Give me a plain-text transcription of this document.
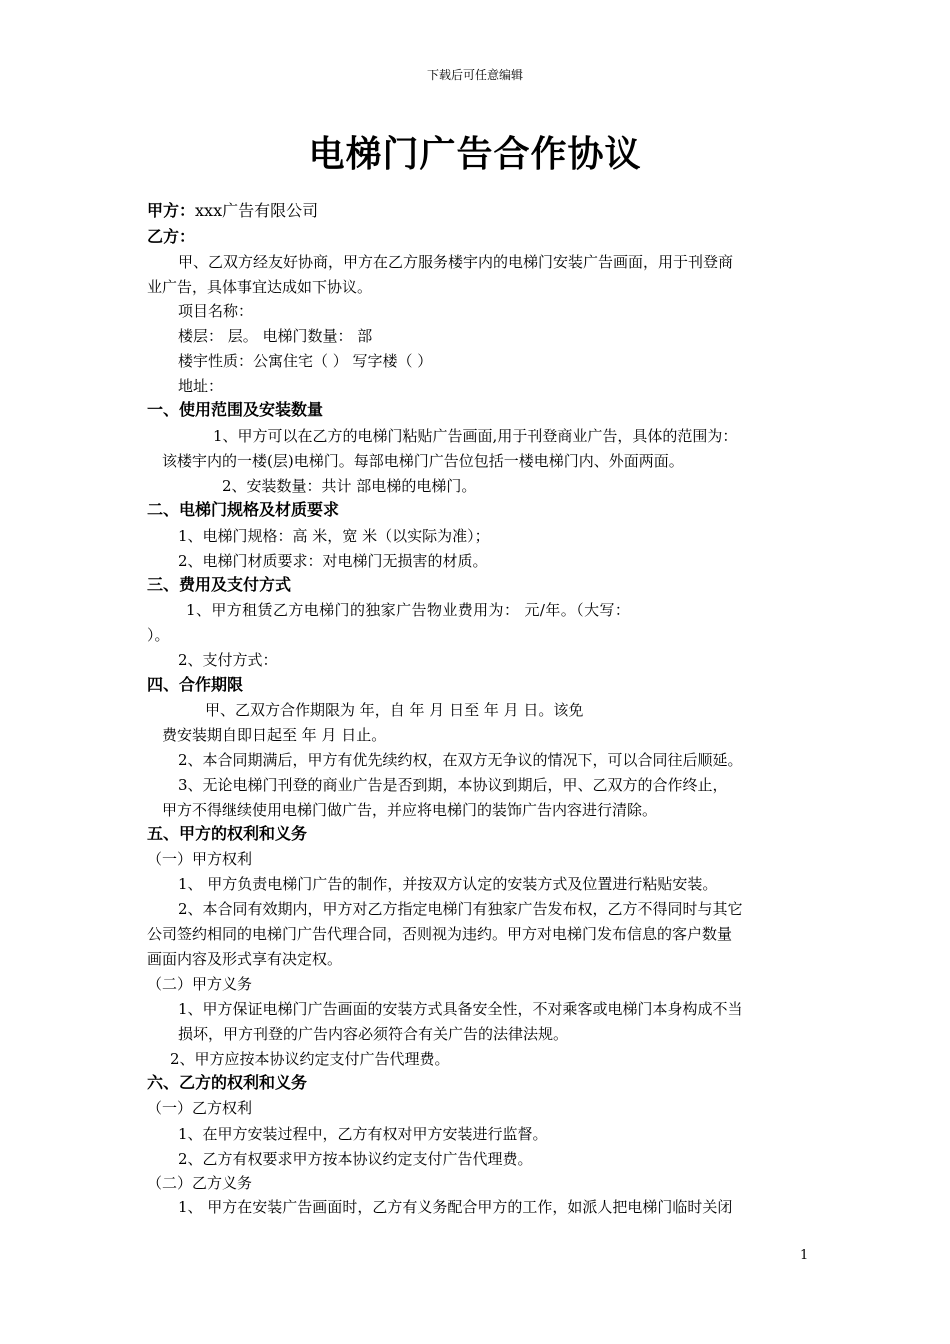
下载后可任意编辑
电梯门广告合作协议
甲方：xxx广告有限公司
乙方：
甲、乙双方经友好协商，甲方在乙方服务楼宇内的电梯门安装广告画面，用于刊登商
业广告，具体事宜达成如下协议。
项目名称：
楼层： 层。 电梯门数量： 部
楼宇性质：公寓住宅（ ） 写字楼（ ）
地址：
一、使用范围及安装数量
1、甲方可以在乙方的电梯门粘贴广告画面,用于刊登商业广告，具体的范围为：
该楼宇内的一楼(层)电梯门。每部电梯门广告位包括一楼电梯门内、外面两面。
2、安装数量：共计 部电梯的电梯门。
二、电梯门规格及材质要求
1、电梯门规格：高 米，宽 米（以实际为准）；
2、电梯门材质要求：对电梯门无损害的材质。
三、费用及支付方式
1、甲方租赁乙方电梯门的独家广告物业费用为： 元/年。（大写：
）。
2、支付方式：
四、合作期限
甲、乙双方合作期限为 年，自 年 月 日至 年 月 日。该免
费安装期自即日起至 年 月 日止。
2、本合同期满后，甲方有优先续约权，在双方无争议的情况下，可以合同往后顺延。
3、无论电梯门刊登的商业广告是否到期，本协议到期后，甲、乙双方的合作终止，
甲方不得继续使用电梯门做广告，并应将电梯门的装饰广告内容进行清除。
五、甲方的权利和义务
（一）甲方权利
1、 甲方负责电梯门广告的制作，并按双方认定的安装方式及位置进行粘贴安装。
2、本合同有效期内，甲方对乙方指定电梯门有独家广告发布权，乙方不得同时与其它
公司签约相同的电梯门广告代理合同，否则视为违约。甲方对电梯门发布信息的客户数量
画面内容及形式享有决定权。
（二）甲方义务
1、甲方保证电梯门广告画面的安装方式具备安全性，不对乘客或电梯门本身构成不当
损坏，甲方刊登的广告内容必须符合有关广告的法律法规。
2、甲方应按本协议约定支付广告代理费。
六、乙方的权利和义务
（一）乙方权利
1、在甲方安装过程中，乙方有权对甲方安装进行监督。
2、乙方有权要求甲方按本协议约定支付广告代理费。
（二）乙方义务
1、 甲方在安装广告画面时，乙方有义务配合甲方的工作，如派人把电梯门临时关闭
1
